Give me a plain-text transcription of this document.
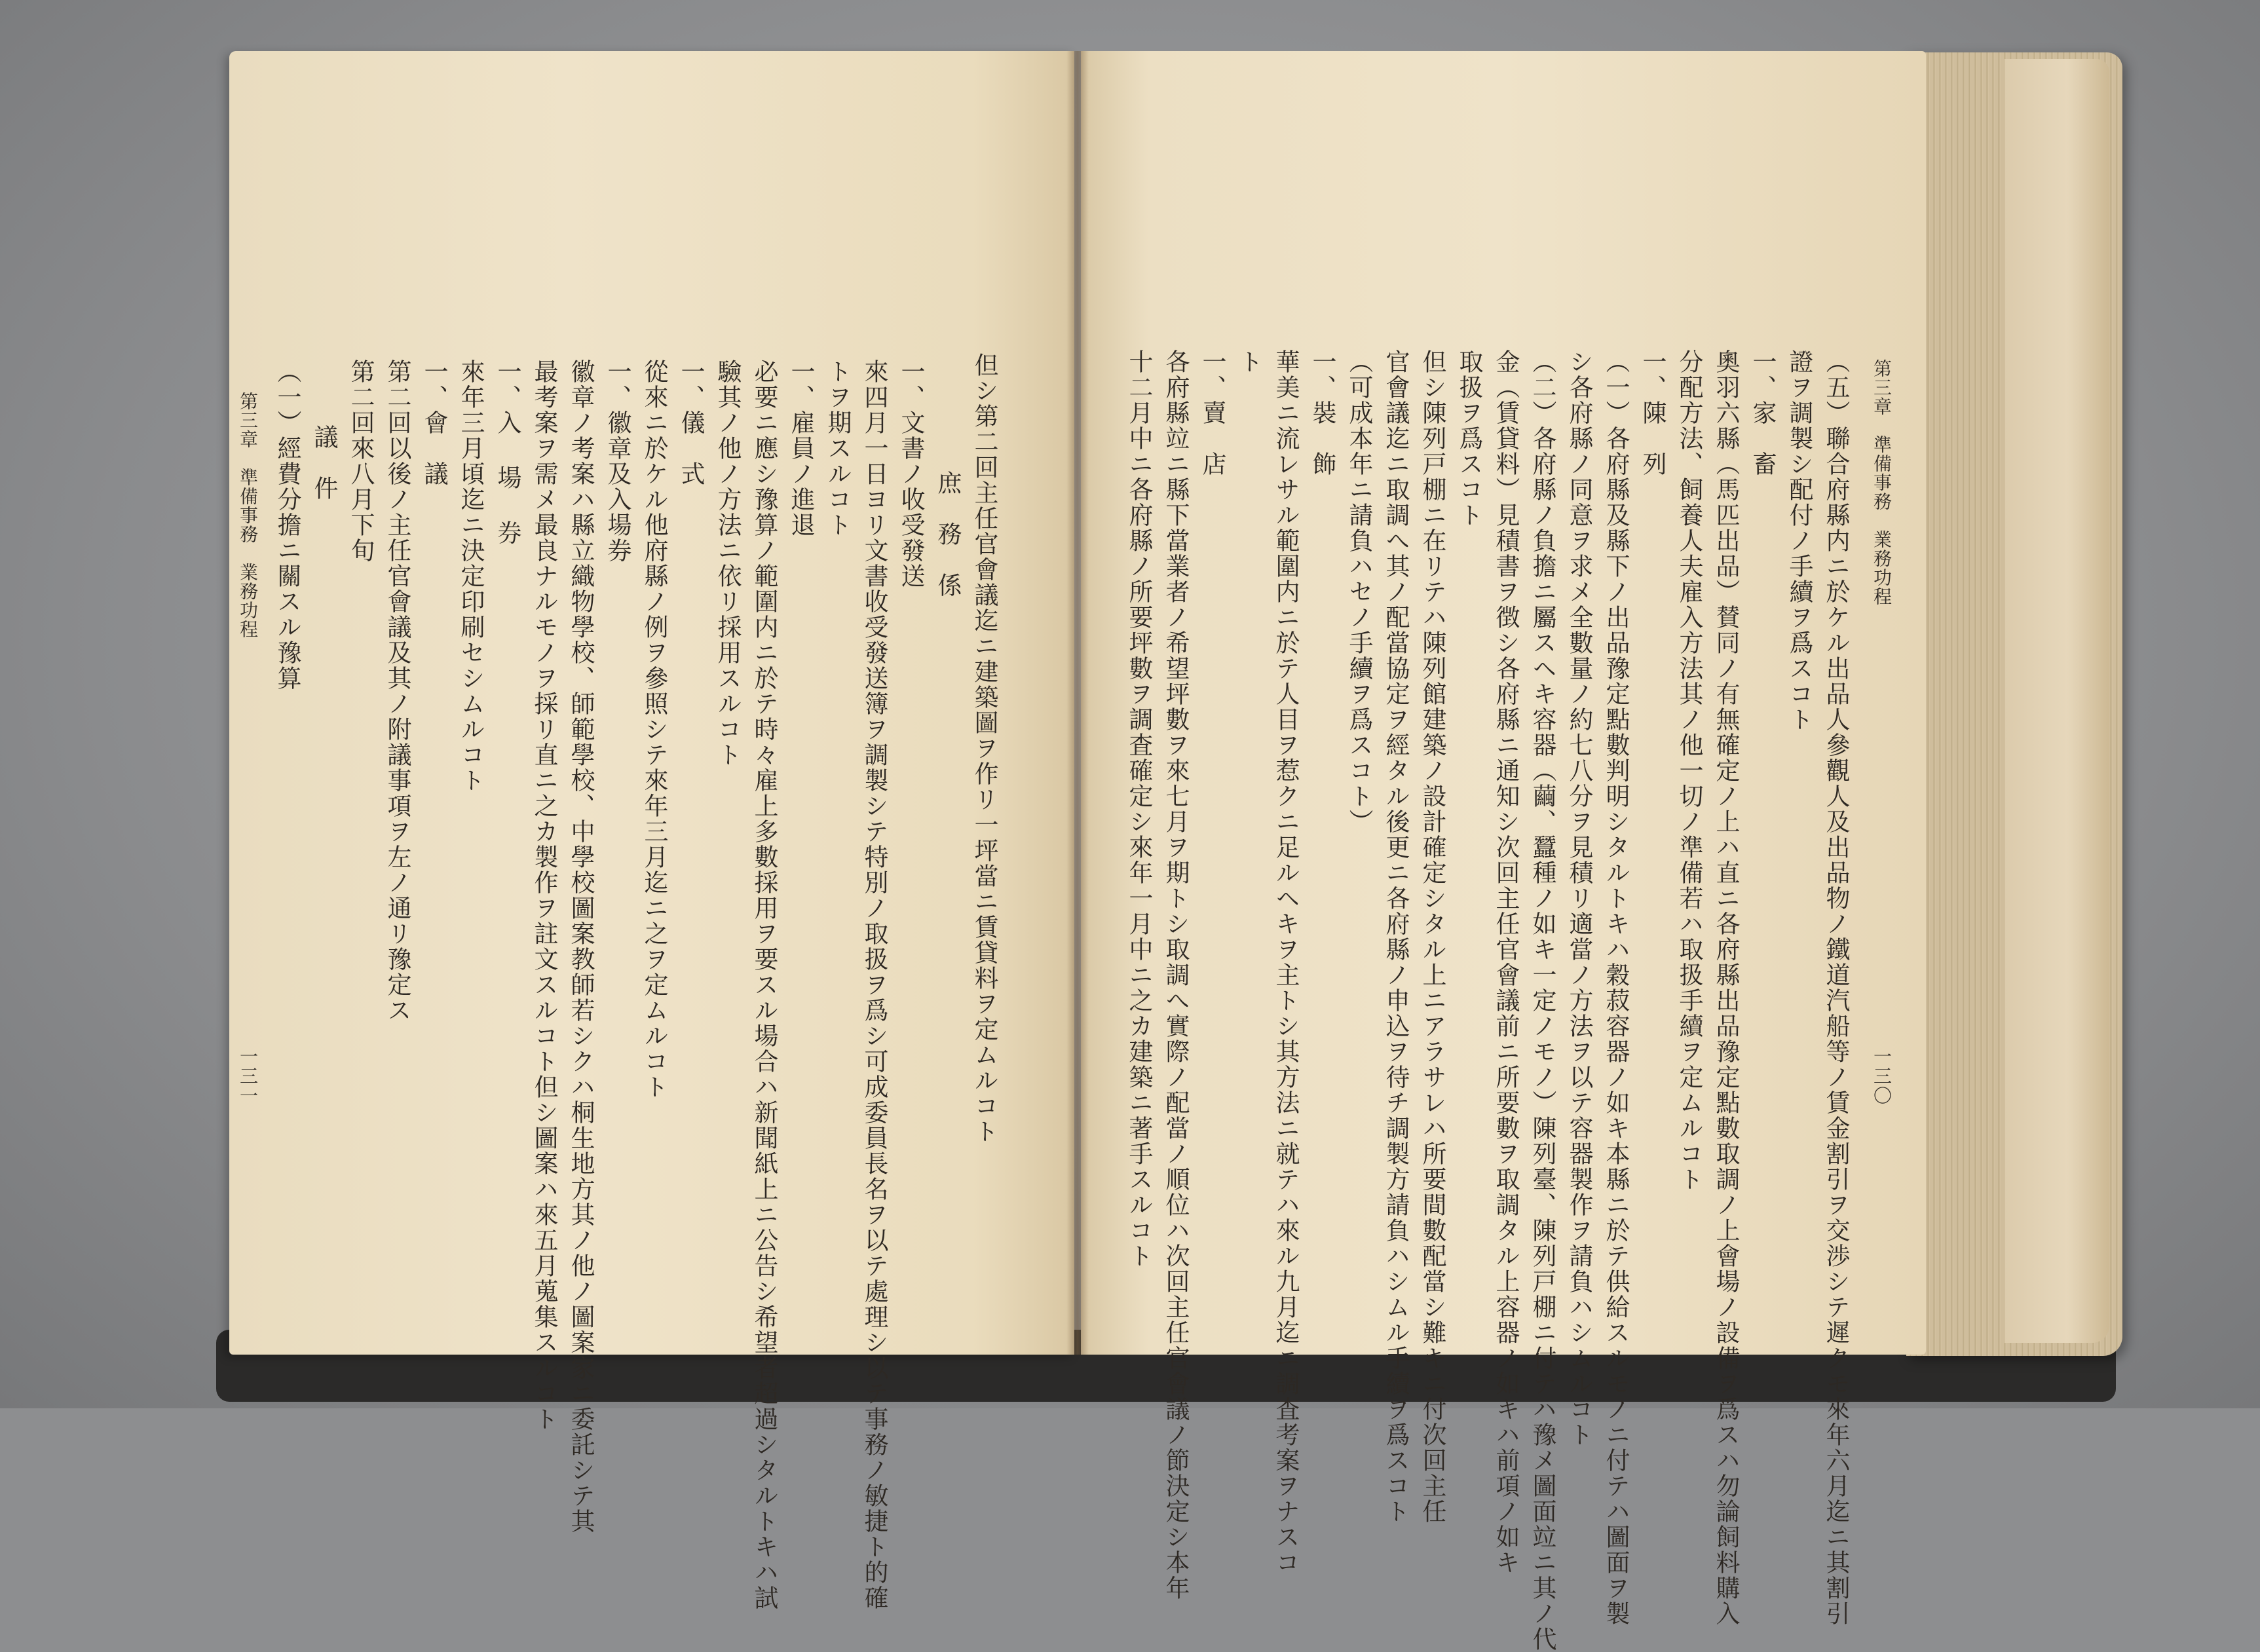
但シ第二回主任官會議迄ニ建築圖ヲ作リ一坪當ニ賃貸料ヲ定ムルコト
庶　務　係
一、文書ノ收受發送
來四月一日ヨリ文書收受發送簿ヲ調製シテ特別ノ取扱ヲ爲シ可成委員長名ヲ以テ處理シ以テ事務ノ敏捷ト的確
トヲ期スルコト
一、雇員ノ進退
必要ニ應シ豫算ノ範圍内ニ於テ時々雇上多數採用ヲ要スル場合ハ新聞紙上ニ公告シ希望者超過シタルトキハ試
驗其ノ他ノ方法ニ依リ採用スルコト
一、儀　式
從來ニ於ケル他府縣ノ例ヲ參照シテ來年三月迄ニ之ヲ定ムルコト
一、徽章及入場券
徽章ノ考案ハ縣立織物學校、師範學校、中學校圖案教師若シクハ桐生地方其ノ他ノ圖案家ニ委託シテ其
最考案ヲ需メ最良ナルモノヲ採リ直ニ之カ製作ヲ註文スルコト但シ圖案ハ來五月蒐集スルコト
一、入 場 券
來年三月頃迄ニ決定印刷セシムルコト
一、會　議
第二回以後ノ主任官會議及其ノ附議事項ヲ左ノ通リ豫定ス
第二回來八月下旬
議　件
（一）經費分擔ニ關スル豫算
第三章　準備事務　業務功程
一三一
第三章　準備事務　業務功程
一三〇
（五）聯合府縣内ニ於ケル出品人參觀人及出品物ノ鐵道汽船等ノ賃金割引ヲ交渉シテ遲クモ來年六月迄ニ其割引
證ヲ調製シ配付ノ手續ヲ爲スコト
一、家　畜
奧羽六縣（馬匹出品）賛同ノ有無確定ノ上ハ直ニ各府縣出品豫定點數取調ノ上會場ノ設備ヲ爲スハ勿論飼料購入
分配方法、飼養人夫雇入方法其ノ他一切ノ準備若ハ取扱手續ヲ定ムルコト
一、陳　列
（一）各府縣及縣下ノ出品豫定點數判明シタルトキハ穀菽容器ノ如キ本縣ニ於テ供給スルモノニ付テハ圖面ヲ製
シ各府縣ノ同意ヲ求メ全數量ノ約七八分ヲ見積リ適當ノ方法ヲ以テ容器製作ヲ請負ハシムルコト
（二）各府縣ノ負擔ニ屬スヘキ容器（繭、蠶種ノ如キ一定ノモノ）陳列臺、陳列戸棚ニ付テハ豫メ圖面竝ニ其ノ代
金（賃貸料）見積書ヲ徴シ各府縣ニ通知シ次回主任官會議前ニ所要數ヲ取調タル上容器ノ如キハ前項ノ如キ
取扱ヲ爲スコト
但シ陳列戸棚ニ在リテハ陳列館建築ノ設計確定シタル上ニアラサレハ所要間數配當シ難キニ付次回主任
官會議迄ニ取調へ其ノ配當協定ヲ經タル後更ニ各府縣ノ申込ヲ待チ調製方請負ハシムル手續ヲ爲スコト
（可成本年ニ請負ハセノ手續ヲ爲スコト）
一、裝　飾
華美ニ流レサル範圍内ニ於テ人目ヲ惹クニ足ルヘキヲ主トシ其方法ニ就テハ來ル九月迄ニ調査考案ヲナスコ
ト
一、賣　店
各府縣竝ニ縣下當業者ノ希望坪數ヲ來七月ヲ期トシ取調へ實際ノ配當ノ順位ハ次回主任官會議ノ節決定シ本年
十二月中ニ各府縣ノ所要坪數ヲ調査確定シ來年一月中ニ之カ建築ニ著手スルコト
